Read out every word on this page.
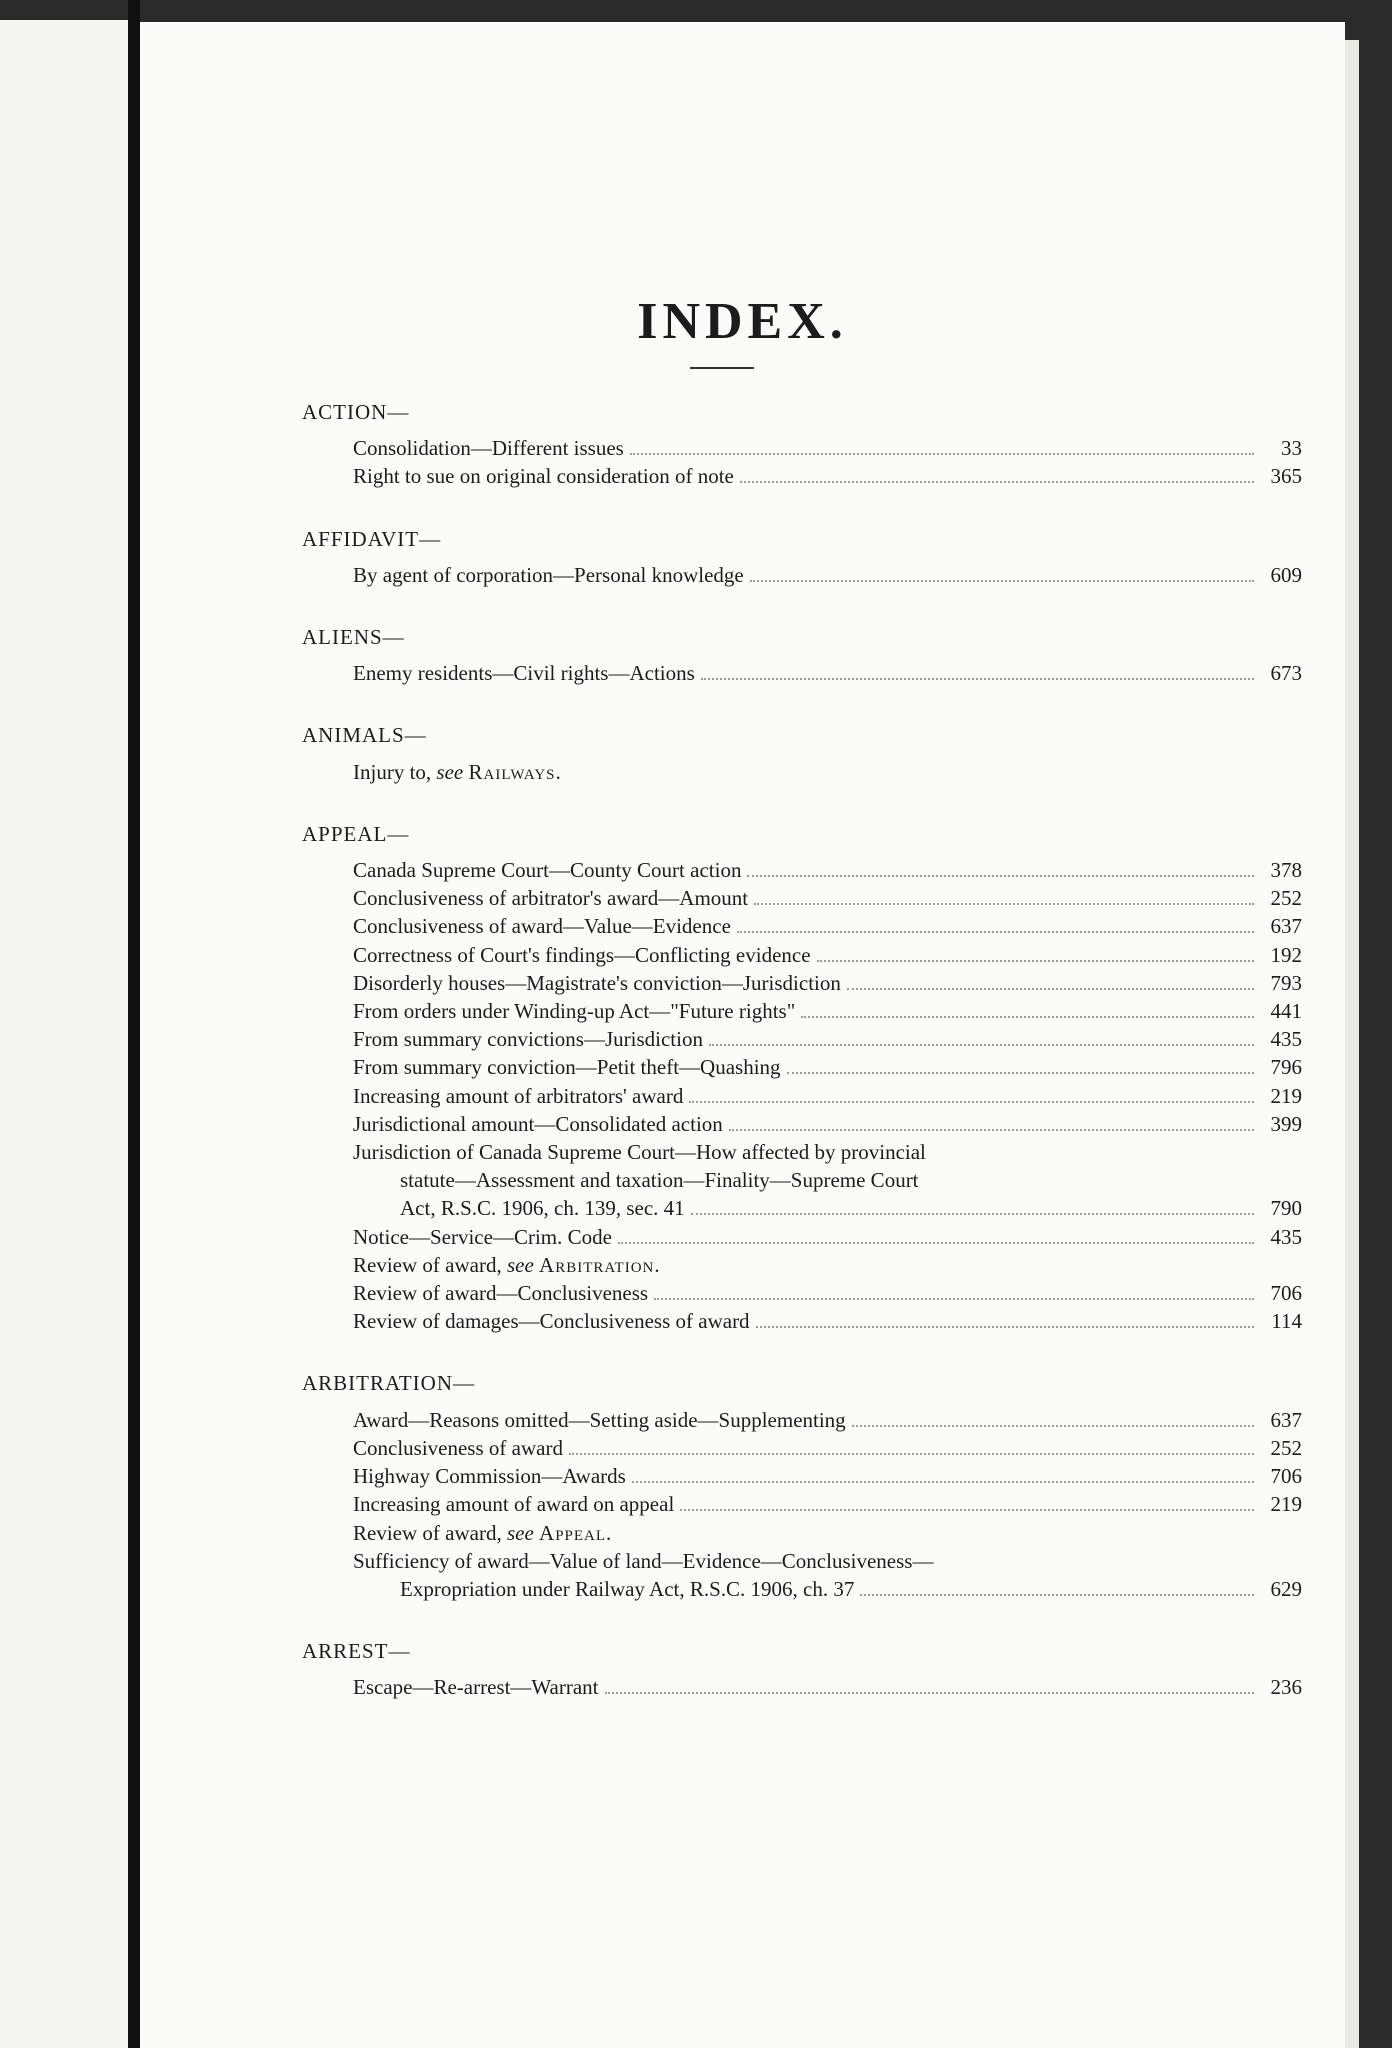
INDEX.
ACTION—
Consolidation—Different issues	33
Right to sue on original consideration of note	365
AFFIDAVIT—
By agent of corporation—Personal knowledge	609
ALIENS—
Enemy residents—Civil rights—Actions	673
ANIMALS—
Injury to, see Railways.
APPEAL—
Canada Supreme Court—County Court action	378
Conclusiveness of arbitrator's award—Amount	252
Conclusiveness of award—Value—Evidence	637
Correctness of Court's findings—Conflicting evidence	192
Disorderly houses—Magistrate's conviction—Jurisdiction	793
From orders under Winding-up Act—"Future rights"	441
From summary convictions—Jurisdiction	435
From summary conviction—Petit theft—Quashing	796
Increasing amount of arbitrators' award	219
Jurisdictional amount—Consolidated action	399
Jurisdiction of Canada Supreme Court—How affected by provincial
statute—Assessment and taxation—Finality—Supreme Court
Act, R.S.C. 1906, ch. 139, sec. 41	790
Notice—Service—Crim. Code	435
Review of award, see Arbitration.
Review of award—Conclusiveness	706
Review of damages—Conclusiveness of award	114
ARBITRATION—
Award—Reasons omitted—Setting aside—Supplementing	637
Conclusiveness of award	252
Highway Commission—Awards	706
Increasing amount of award on appeal	219
Review of award, see Appeal.
Sufficiency of award—Value of land—Evidence—Conclusiveness—
Expropriation under Railway Act, R.S.C. 1906, ch. 37	629
ARREST—
Escape—Re-arrest—Warrant	236
